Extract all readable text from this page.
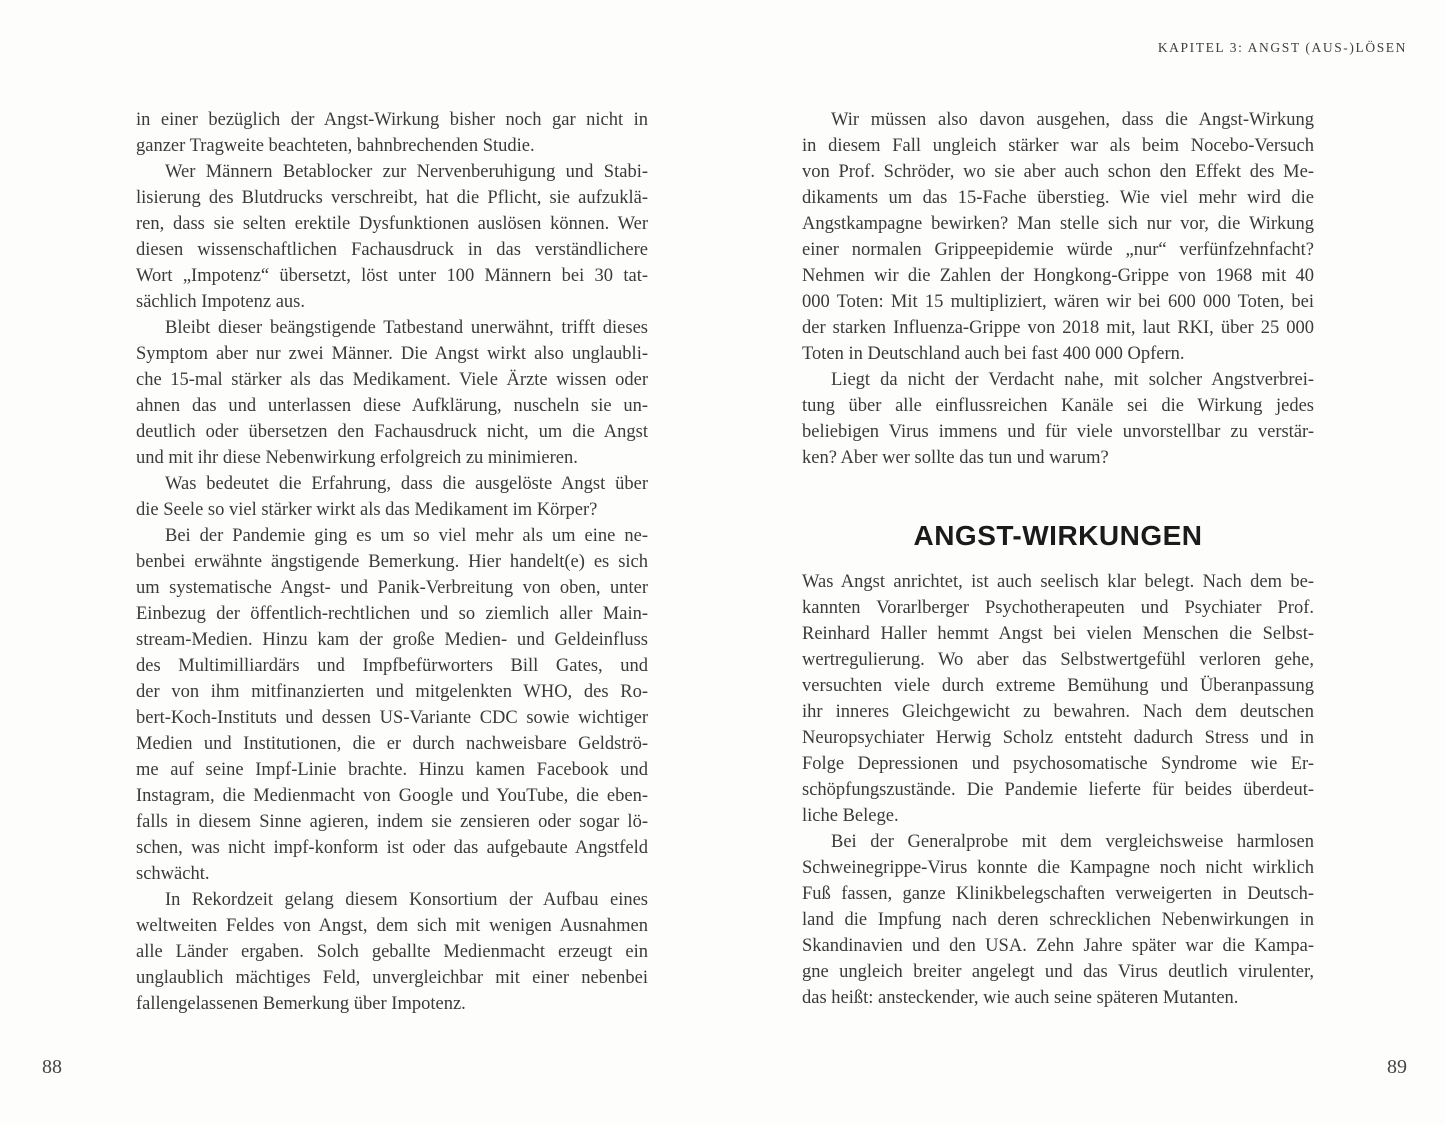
KAPITEL 3: ANGST (AUS-)LÖSEN
in einer bezüglich der Angst-Wirkung bisher noch gar nicht in
ganzer Tragweite beachteten, bahnbrechenden Studie.
Wer Männern Betablocker zur Nervenberuhigung und Stabi-
lisierung des Blutdrucks verschreibt, hat die Pflicht, sie aufzuklä-
ren, dass sie selten erektile Dysfunktionen auslösen können. Wer
diesen wissenschaftlichen Fachausdruck in das verständlichere
Wort „Impotenz“ übersetzt, löst unter 100 Männern bei 30 tat-
sächlich Impotenz aus.
Bleibt dieser beängstigende Tatbestand unerwähnt, trifft dieses
Symptom aber nur zwei Männer. Die Angst wirkt also unglaubli-
che 15-mal stärker als das Medikament. Viele Ärzte wissen oder
ahnen das und unterlassen diese Aufklärung, nuscheln sie un-
deutlich oder übersetzen den Fachausdruck nicht, um die Angst
und mit ihr diese Nebenwirkung erfolgreich zu minimieren.
Was bedeutet die Erfahrung, dass die ausgelöste Angst über
die Seele so viel stärker wirkt als das Medikament im Körper?
Bei der Pandemie ging es um so viel mehr als um eine ne-
benbei erwähnte ängstigende Bemerkung. Hier handelt(e) es sich
um systematische Angst- und Panik-Verbreitung von oben, unter
Einbezug der öffentlich-rechtlichen und so ziemlich aller Main-
stream-Medien. Hinzu kam der große Medien- und Geldeinfluss
des Multimilliardärs und Impfbefürworters Bill Gates, und
der von ihm mitfinanzierten und mitgelenkten WHO, des Ro-
bert-Koch-Instituts und dessen US-Variante CDC sowie wichtiger
Medien und Institutionen, die er durch nachweisbare Geldströ-
me auf seine Impf-Linie brachte. Hinzu kamen Facebook und
Instagram, die Medienmacht von Google und YouTube, die eben-
falls in diesem Sinne agieren, indem sie zensieren oder sogar lö-
schen, was nicht impf-konform ist oder das aufgebaute Angstfeld
schwächt.
In Rekordzeit gelang diesem Konsortium der Aufbau eines
weltweiten Feldes von Angst, dem sich mit wenigen Ausnahmen
alle Länder ergaben. Solch geballte Medienmacht erzeugt ein
unglaublich mächtiges Feld, unvergleichbar mit einer nebenbei
fallengelassenen Bemerkung über Impotenz.
Wir müssen also davon ausgehen, dass die Angst-Wirkung
in diesem Fall ungleich stärker war als beim Nocebo-Versuch
von Prof. Schröder, wo sie aber auch schon den Effekt des Me-
dikaments um das 15-Fache überstieg. Wie viel mehr wird die
Angstkampagne bewirken? Man stelle sich nur vor, die Wirkung
einer normalen Grippeepidemie würde „nur“ verfünfzehnfacht?
Nehmen wir die Zahlen der Hongkong-Grippe von 1968 mit 40
000 Toten: Mit 15 multipliziert, wären wir bei 600 000 Toten, bei
der starken Influenza-Grippe von 2018 mit, laut RKI, über 25 000
Toten in Deutschland auch bei fast 400 000 Opfern.
Liegt da nicht der Verdacht nahe, mit solcher Angstverbrei-
tung über alle einflussreichen Kanäle sei die Wirkung jedes
beliebigen Virus immens und für viele unvorstellbar zu verstär-
ken? Aber wer sollte das tun und warum?
ANGST-WIRKUNGEN
Was Angst anrichtet, ist auch seelisch klar belegt. Nach dem be-
kannten Vorarlberger Psychotherapeuten und Psychiater Prof.
Reinhard Haller hemmt Angst bei vielen Menschen die Selbst-
wertregulierung. Wo aber das Selbstwertgefühl verloren gehe,
versuchten viele durch extreme Bemühung und Überanpassung
ihr inneres Gleichgewicht zu bewahren. Nach dem deutschen
Neuropsychiater Herwig Scholz entsteht dadurch Stress und in
Folge Depressionen und psychosomatische Syndrome wie Er-
schöpfungszustände. Die Pandemie lieferte für beides überdeut-
liche Belege.
Bei der Generalprobe mit dem vergleichsweise harmlosen
Schweinegrippe-Virus konnte die Kampagne noch nicht wirklich
Fuß fassen, ganze Klinikbelegschaften verweigerten in Deutsch-
land die Impfung nach deren schrecklichen Nebenwirkungen in
Skandinavien und den USA. Zehn Jahre später war die Kampa-
gne ungleich breiter angelegt und das Virus deutlich virulenter,
das heißt: ansteckender, wie auch seine späteren Mutanten.
88	89
